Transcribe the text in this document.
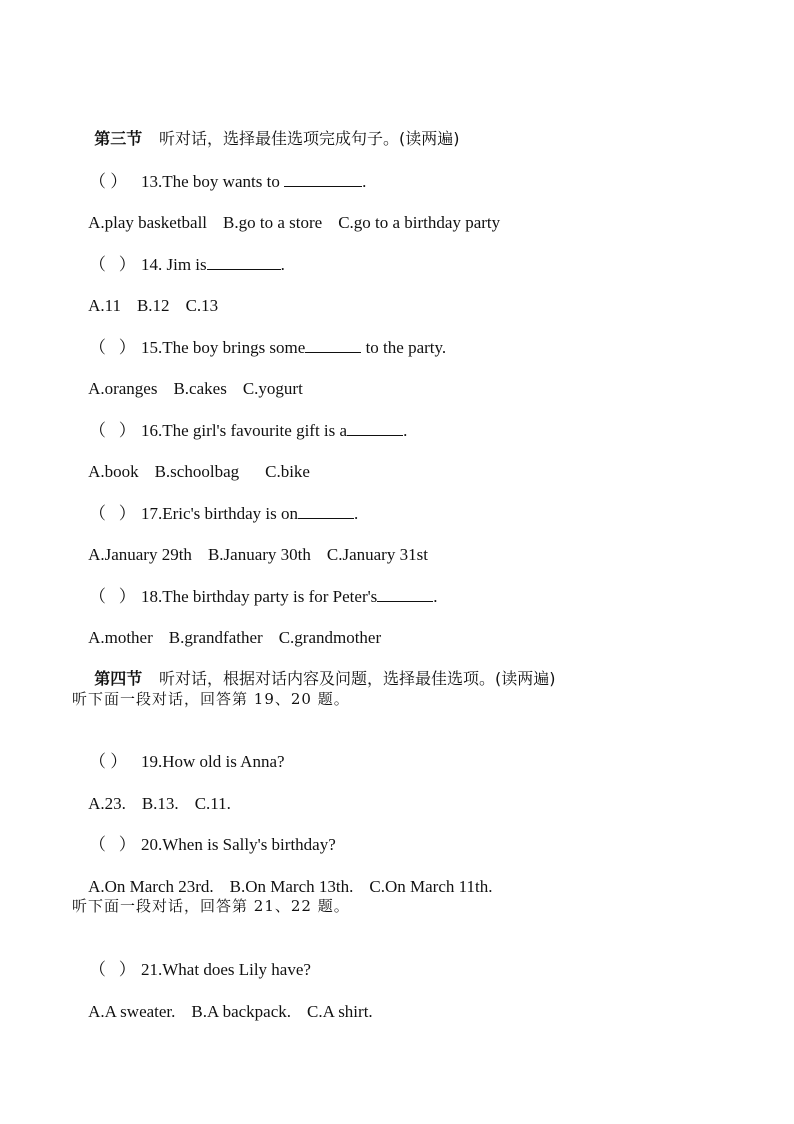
第三节 听对话，选择最佳选项完成句子。(读两遍)

（ ） 13.The boy wants to	.

A.play basketball B.go to a store C.go to a birthday party

（   ） 14. Jim is	.

A.11 B.12 C.13

（   ） 15.The boy brings some	to the party.

A.oranges B.cakes C.yogurt

（   ） 16.The girl's favourite gift is a	.

A.book B.schoolbag C.bike

（   ） 17.Eric's birthday is on	.

A.January 29th B.January 30th C.January 31st

（   ） 18.The birthday party is for Peter's	.

A.mother B.grandfather C.grandmother

第四节 听对话，根据对话内容及问题，选择最佳选项。(读两遍)

听下面一段对话，回答第 19、20 题。

（ ） 19.How old is Anna?

A.23. B.13. C.11.

（   ） 20.When is Sally's birthday?

A.On March 23rd. B.On March 13th. C.On March 11th.

听下面一段对话，回答第 21、22 题。

（   ） 21.What does Lily have?

A.A sweater. B.A backpack. C.A shirt.
